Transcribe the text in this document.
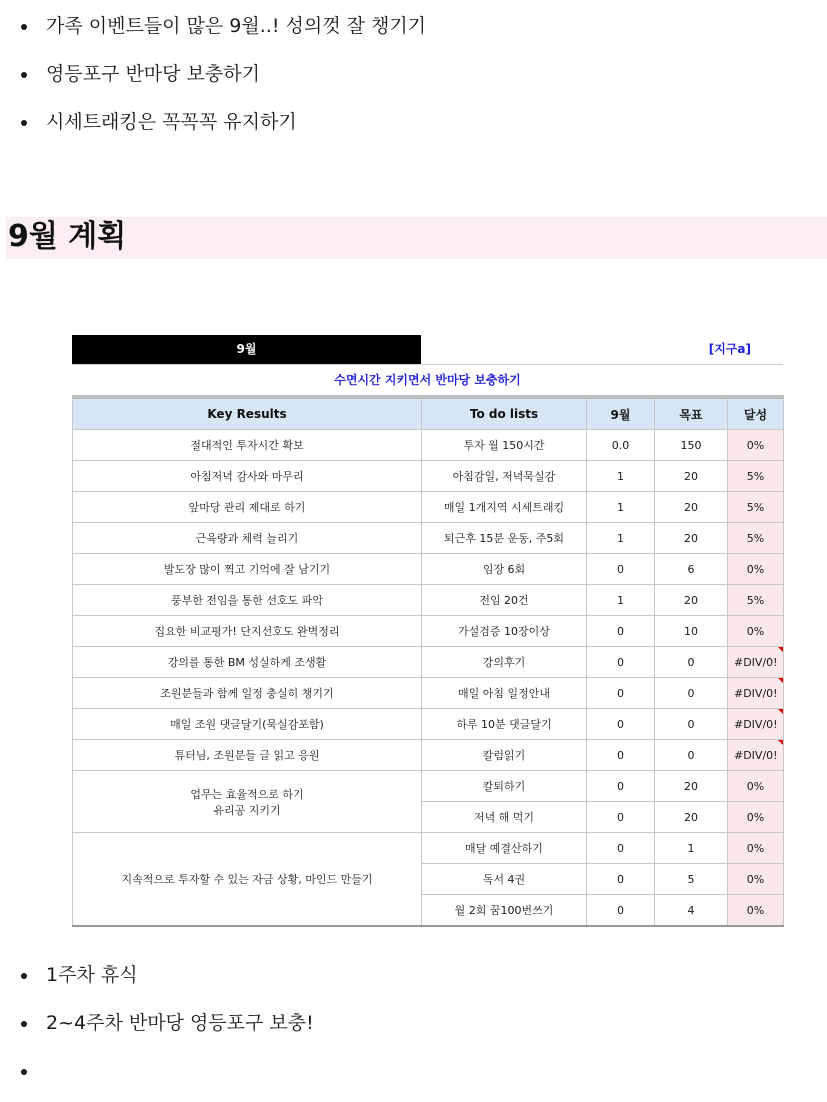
가족 이벤트들이 많은 9월..! 성의껏 잘 챙기기
영등포구 반마당 보충하기
시세트래킹은 꼭꼭꼭 유지하기
9월 계획
9월	[지구a]
수면시간 지키면서 반마당 보충하기
Key Results	To do lists	9월	목표	달성
절대적인 투자시간 확보	투자 월 150시간	0.0	150	0%
아침저녁 감사와 마무리	아침감일, 저녁묵실감	1	20	5%
앞마당 관리 제대로 하기	매일 1개지역 시세트래킹	1	20	5%
근육량과 체력 늘리기	퇴근후 15분 운동, 주5회	1	20	5%
발도장 많이 찍고 기억에 잘 남기기	임장 6회	0	6	0%
풍부한 전임을 통한 선호도 파악	전임 20건	1	20	5%
집요한 비교평가! 단지선호도 완벽정리	가설검증 10장이상	0	10	0%
강의를 통한 BM 성실하게 조생활	강의후기	0	0	#DIV/0!

조원분들과 함께 일정 충실히 챙기기	매일 아침 일정안내	0	0	#DIV/0!

매일 조원 댓글달기(묵실감포함)	하루 10분 댓글달기	0	0	#DIV/0!

튜터님, 조원분들 글 읽고 응원	칼럼읽기	0	0	#DIV/0!

업무는 효율적으로 하기
유리공 지키기	칼퇴하기	0	20	0%
	저녁 해 먹기	0	20	0%
지속적으로 투자할 수 있는 자금 상황, 마인드 만들기	매달 예결산하기	0	1	0%
	독서 4권	0	5	0%
	월 2회 꿈100번쓰기	0	4	0%
1주차 휴식
2~4주차 반마당 영등포구 보충!
